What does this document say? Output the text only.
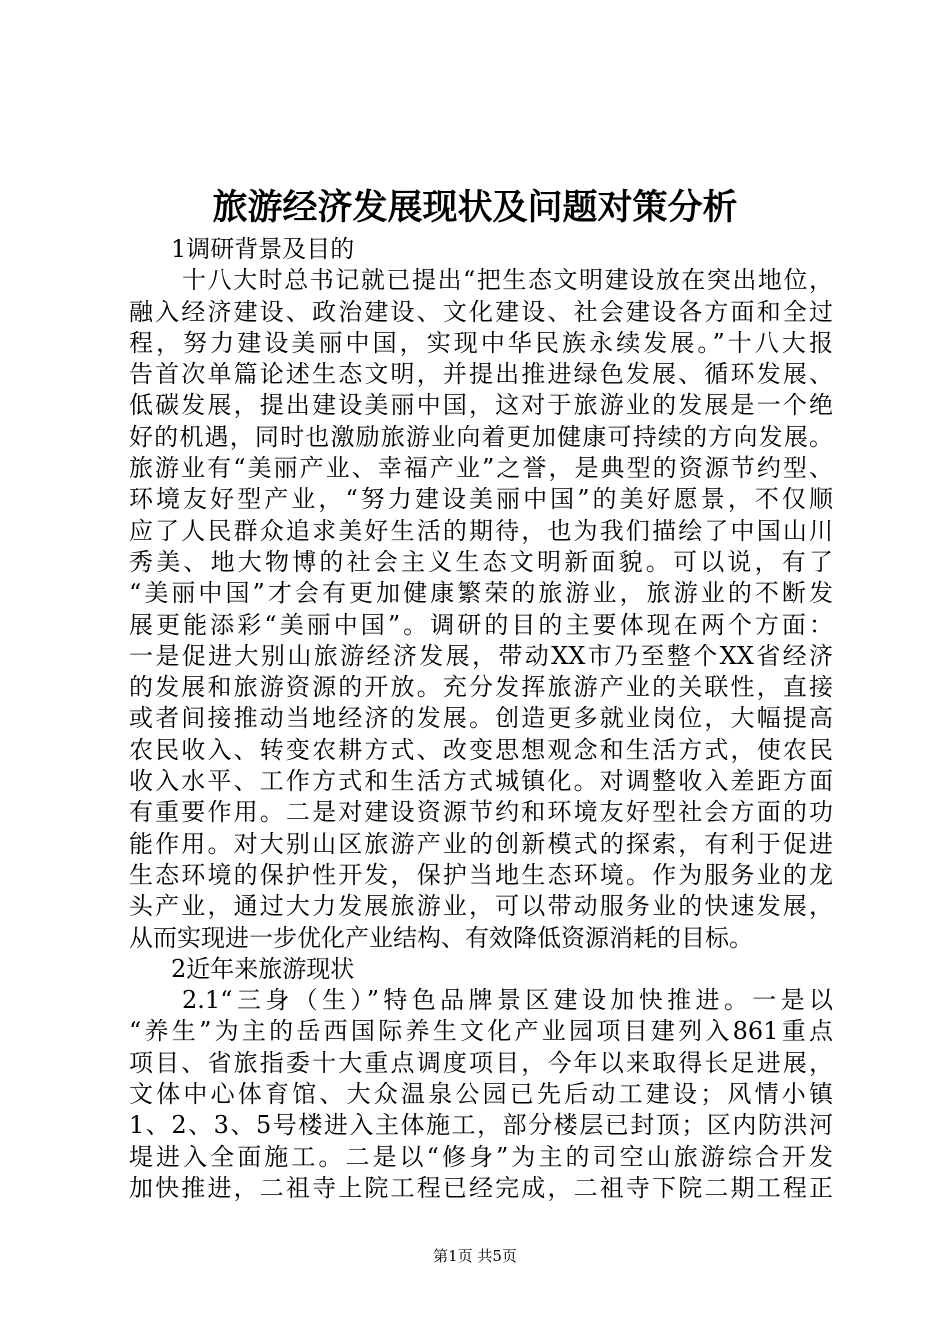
旅游经济发展现状及问题对策分析
1调研背景及目的
十八大时总书记就已提出“把生态文明建设放在突出地位，
融入经济建设、政治建设、文化建设、社会建设各方面和全过
程，努力建设美丽中国，实现中华民族永续发展。”十八大报
告首次单篇论述生态文明，并提出推进绿色发展、循环发展、
低碳发展，提出建设美丽中国，这对于旅游业的发展是一个绝
好的机遇，同时也激励旅游业向着更加健康可持续的方向发展。
旅游业有“美丽产业、幸福产业”之誉，是典型的资源节约型、
环境友好型产业，“努力建设美丽中国”的美好愿景，不仅顺
应了人民群众追求美好生活的期待，也为我们描绘了中国山川
秀美、地大物博的社会主义生态文明新面貌。可以说，有了
“美丽中国”才会有更加健康繁荣的旅游业，旅游业的不断发
展更能添彩“美丽中国”。调研的目的主要体现在两个方面：
一是促进大别山旅游经济发展，带动XX市乃至整个XX省经济
的发展和旅游资源的开放。充分发挥旅游产业的关联性，直接
或者间接推动当地经济的发展。创造更多就业岗位，大幅提高
农民收入、转变农耕方式、改变思想观念和生活方式，使农民
收入水平、工作方式和生活方式城镇化。对调整收入差距方面
有重要作用。二是对建设资源节约和环境友好型社会方面的功
能作用。对大别山区旅游产业的创新模式的探索，有利于促进
生态环境的保护性开发，保护当地生态环境。作为服务业的龙
头产业，通过大力发展旅游业，可以带动服务业的快速发展，
从而实现进一步优化产业结构、有效降低资源消耗的目标。
2近年来旅游现状
2.1“三身（生）”特色品牌景区建设加快推进。一是以
“养生”为主的岳西国际养生文化产业园项目建列入861重点
项目、省旅指委十大重点调度项目，今年以来取得长足进展，
文体中心体育馆、大众温泉公园已先后动工建设；风情小镇
1、2、3、5号楼进入主体施工，部分楼层已封顶；区内防洪河
堤进入全面施工。二是以“修身”为主的司空山旅游综合开发
加快推进，二祖寺上院工程已经完成，二祖寺下院二期工程正
第1页 共5页
